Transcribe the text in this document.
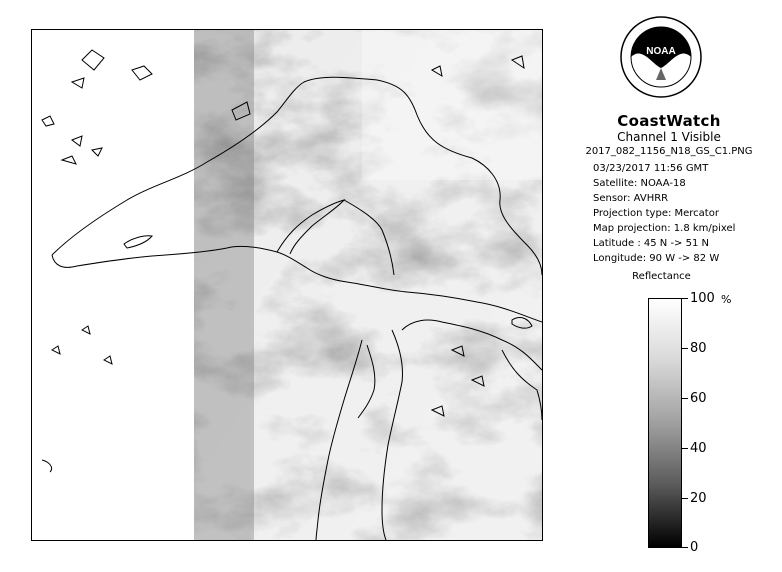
NOAA
CoastWatch
Channel 1 Visible
2017_082_1156_N18_GS_C1.PNG
03/23/2017 11:56 GMT
Satellite: NOAA-18
Sensor: AVHRR
Projection type: Mercator
Map projection: 1.8 km/pixel
Latitude : 45 N -> 51 N
Longitude: 90 W -> 82 W
Reflectance
%
100
80
60
40
20
0
